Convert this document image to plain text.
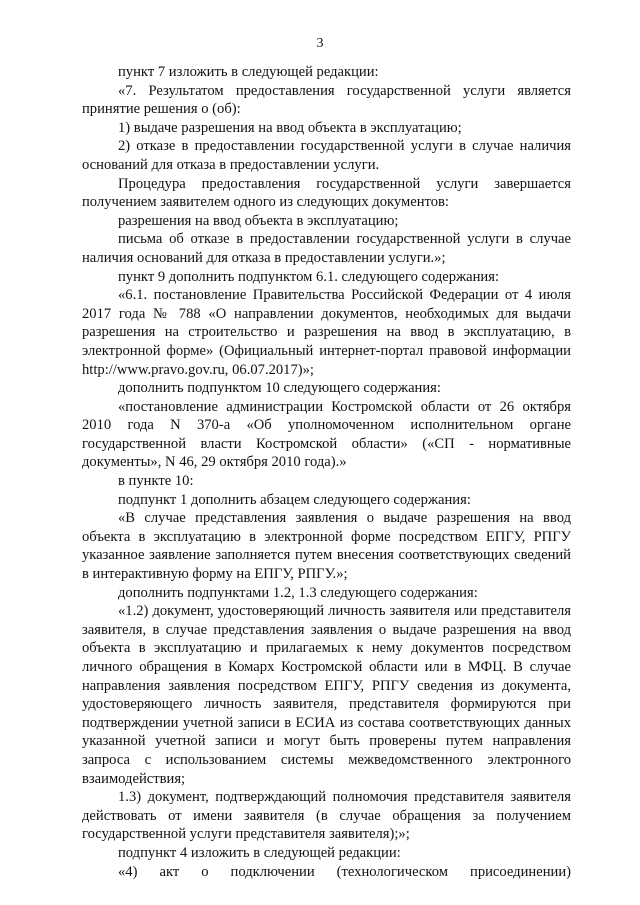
3

пункт 7 изложить в следующей редакции:

«7. Результатом предоставления государственной услуги является принятие решения о (об):

1) выдаче разрешения на ввод объекта в эксплуатацию;

2) отказе в предоставлении государственной услуги в случае наличия оснований для отказа в предоставлении услуги.

Процедура предоставления государственной услуги завершается получением заявителем одного из следующих документов:

разрешения на ввод объекта в эксплуатацию;

письма об отказе в предоставлении государственной услуги в случае наличия оснований для отказа в предоставлении услуги.»;

пункт 9 дополнить подпунктом 6.1. следующего содержания:

«6.1. постановление Правительства Российской Федерации от 4 июля 2017 года № 788 «О направлении документов, необходимых для выдачи разрешения на строительство и разрешения на ввод в эксплуатацию, в электронной форме» (Официальный интернет-портал правовой информации http://www.pravo.gov.ru, 06.07.2017)»;

дополнить подпунктом 10 следующего содержания:

«постановление администрации Костромской области от 26 октября 2010 года N 370-а «Об уполномоченном исполнительном органе государственной власти Костромской области» («СП - нормативные документы», N 46, 29 октября 2010 года).»

в пункте 10:

подпункт 1 дополнить абзацем следующего содержания:

«В случае представления заявления о выдаче разрешения на ввод объекта в эксплуатацию в электронной форме посредством ЕПГУ, РПГУ указанное заявление заполняется путем внесения соответствующих сведений в интерактивную форму на ЕПГУ, РПГУ.»;

дополнить подпунктами 1.2, 1.3 следующего содержания:

«1.2) документ, удостоверяющий личность заявителя или представителя заявителя, в случае представления заявления о выдаче разрешения на ввод объекта в эксплуатацию и прилагаемых к нему документов посредством личного обращения в Комарх Костромской области или в МФЦ. В случае направления заявления посредством ЕПГУ, РПГУ сведения из документа, удостоверяющего личность заявителя, представителя формируются при подтверждении учетной записи в ЕСИА из состава соответствующих данных указанной учетной записи и могут быть проверены путем направления запроса с использованием системы межведомственного электронного взаимодействия;

1.3) документ, подтверждающий полномочия представителя заявителя действовать от имени заявителя (в случае обращения за получением государственной услуги представителя заявителя);»;

подпункт 4 изложить в следующей редакции:

«4) акт о подключении (технологическом присоединении)
